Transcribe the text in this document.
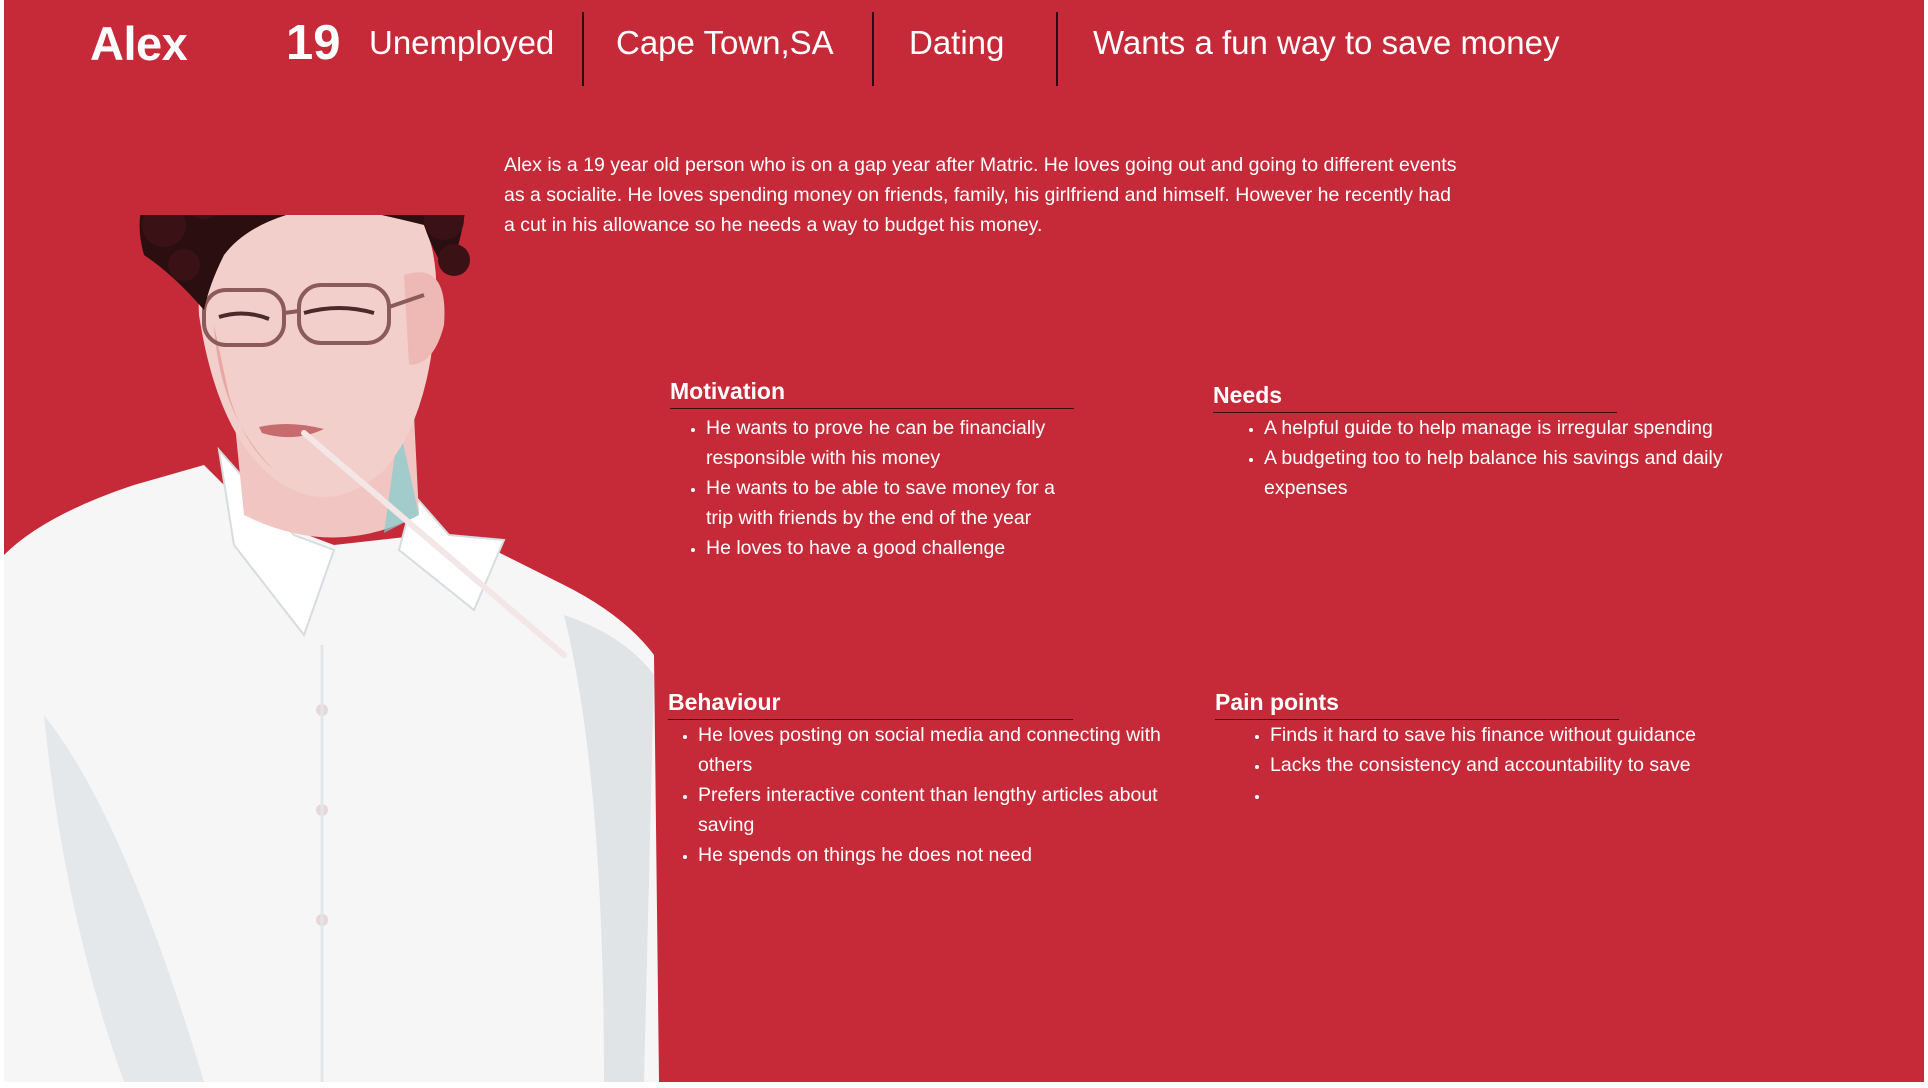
Alex 19 Unemployed Cape Town,SA Dating	Wants a fun way to save money

Alex is a 19 year old person who is on a gap year after Matric. He loves going out and going to different events as a socialite. He loves spending money on friends, family, his girlfriend and himself. However he recently had a cut in his allowance so he needs a way to budget his money.

Motivation
• He wants to prove he can be financially responsible with his money
• He wants to be able to save money for a trip with friends by the end of the year
• He loves to have a good challenge
Needs
• A helpful guide to help manage is irregular spending
• A budgeting too to help balance his savings and daily expenses
Behaviour
• He loves posting on social media and connecting with others
• Prefers interactive content than lengthy articles about saving
• He spends on things he does not need
Pain points
• Finds it hard to save his finance without guidance
• Lacks the consistency and accountability to save
•
